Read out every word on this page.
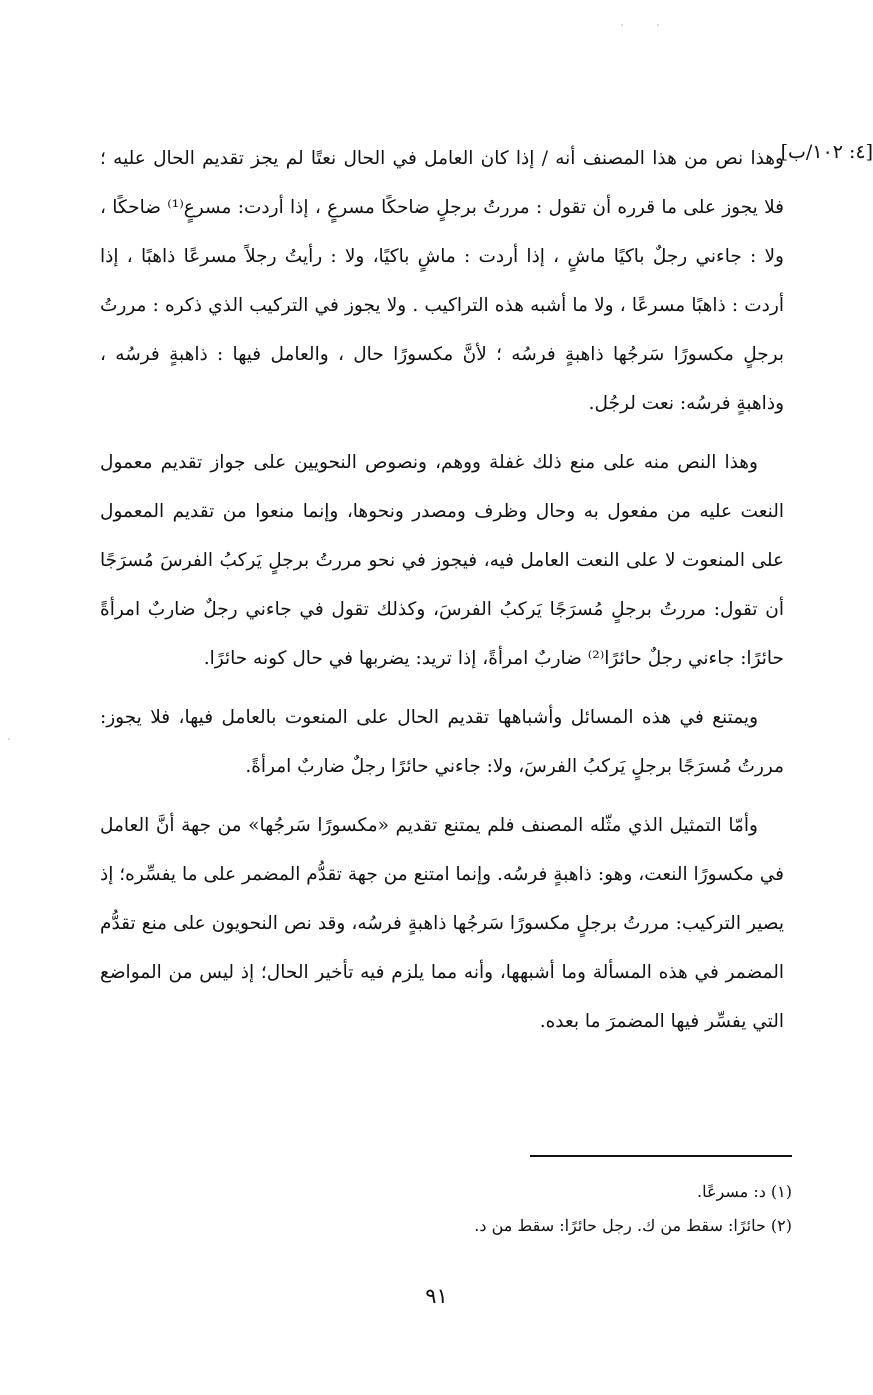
[٤: ١٠٢/ب]

وهذا نص من هذا المصنف أنه / إذا كان العامل في الحال نعتًا لم يجز تقديم الحال عليه ؛ فلا يجوز على ما قرره أن تقول : مررتُ برجلٍ ضاحكًا مسرعٍ ، إذا أردت: مسرعٍ⁽¹⁾ ضاحكًا ، ولا : جاءني رجلٌ باكيًا ماشٍ ، إذا أردت : ماشٍ باكيًا، ولا : رأيتُ رجلاً مسرعًا ذاهبًا ، إذا أردت : ذاهبًا مسرعًا ، ولا ما أشبه هذه التراكيب . ولا يجوز في التركيب الذي ذكره : مررتُ برجلٍ مكسورًا سَرجُها ذاهبةٍ فرسُه ؛ لأنَّ مكسورًا حال ، والعامل فيها : ذاهبةٍ فرسُه ، وذاهبةٍ فرسُه: نعت لرجُل.

وهذا النص منه على منع ذلك غفلة ووهم، ونصوص النحويين على جواز تقديم معمول النعت عليه من مفعول به وحال وظرف ومصدر ونحوها، وإنما منعوا من تقديم المعمول على المنعوت لا على النعت العامل فيه، فيجوز في نحو مررتُ برجلٍ يَركبُ الفرسَ مُسرَجًا أن تقول: مررتُ برجلٍ مُسرَجًا يَركبُ الفرسَ، وكذلك تقول في جاءني رجلٌ ضاربٌ امرأةً حائرًا: جاءني رجلٌ حائرًا⁽²⁾ ضاربٌ امرأةً، إذا تريد: يضربها في حال كونه حائرًا.

ويمتنع في هذه المسائل وأشباهها تقديم الحال على المنعوت بالعامل فيها، فلا يجوز: مررتُ مُسرَجًا برجلٍ يَركبُ الفرسَ، ولا: جاءني حائرًا رجلٌ ضاربٌ امرأةً.

وأمّا التمثيل الذي مثّله المصنف فلم يمتنع تقديم «مكسورًا سَرجُها» من جهة أنَّ العامل في مكسورًا النعت، وهو: ذاهبةٍ فرسُه. وإنما امتنع من جهة تقدُّم المضمر على ما يفسِّره؛ إذ يصير التركيب: مررتُ برجلٍ مكسورًا سَرجُها ذاهبةٍ فرسُه، وقد نص النحويون على منع تقدُّم المضمر في هذه المسألة وما أشبهها، وأنه مما يلزم فيه تأخير الحال؛ إذ ليس من المواضع التي يفسِّر فيها المضمرَ ما بعده.

(١) د: مسرعًا.

(٢) حائرًا: سقط من ك. رجل حائرًا: سقط من د.

٩١
